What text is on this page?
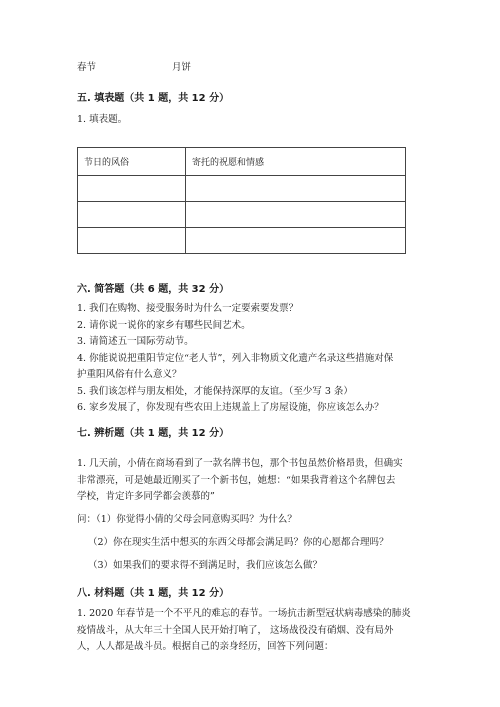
春节	月饼
五. 填表题（共 1 题，共 12 分）
1. 填表题。
节日的风俗	寄托的祝愿和情感

六. 简答题（共 6 题，共 32 分）
1. 我们在购物、接受服务时为什么一定要索要发票？
2. 请你说一说你的家乡有哪些民间艺术。
3. 请简述五一国际劳动节。
4. 你能说说把重阳节定位“老人节”，列入非物质文化遗产名录这些措施对保
护重阳风俗有什么意义？
5. 我们该怎样与朋友相处，才能保持深厚的友谊。（至少写 3 条）
6. 家乡发展了，你发现有些农田上违规盖上了房屋设施，你应该怎么办？
七. 辨析题（共 1 题，共 12 分）
1. 几天前，小倩在商场看到了一款名牌书包，那个书包虽然价格昂贵，但确实
非常漂亮，可是她最近刚买了一个新书包，她想：“如果我背着这个名牌包去
学校，肯定许多同学都会羡慕的”
问：（1）你觉得小倩的父母会同意购买吗？为什么？
（2）你在现实生活中想买的东西父母都会满足吗？你的心愿都合理吗？
（3）如果我们的要求得不到满足时，我们应该怎么做？
八. 材料题（共 1 题，共 12 分）
1. 2020 年春节是一个不平凡的难忘的春节。一场抗击新型冠状病毒感染的肺炎
疫情战斗，从大年三十全国人民开始打响了， 这场战役没有硝烟、没有局外
人，人人都是战斗员。根据自己的亲身经历，回答下列问题：
